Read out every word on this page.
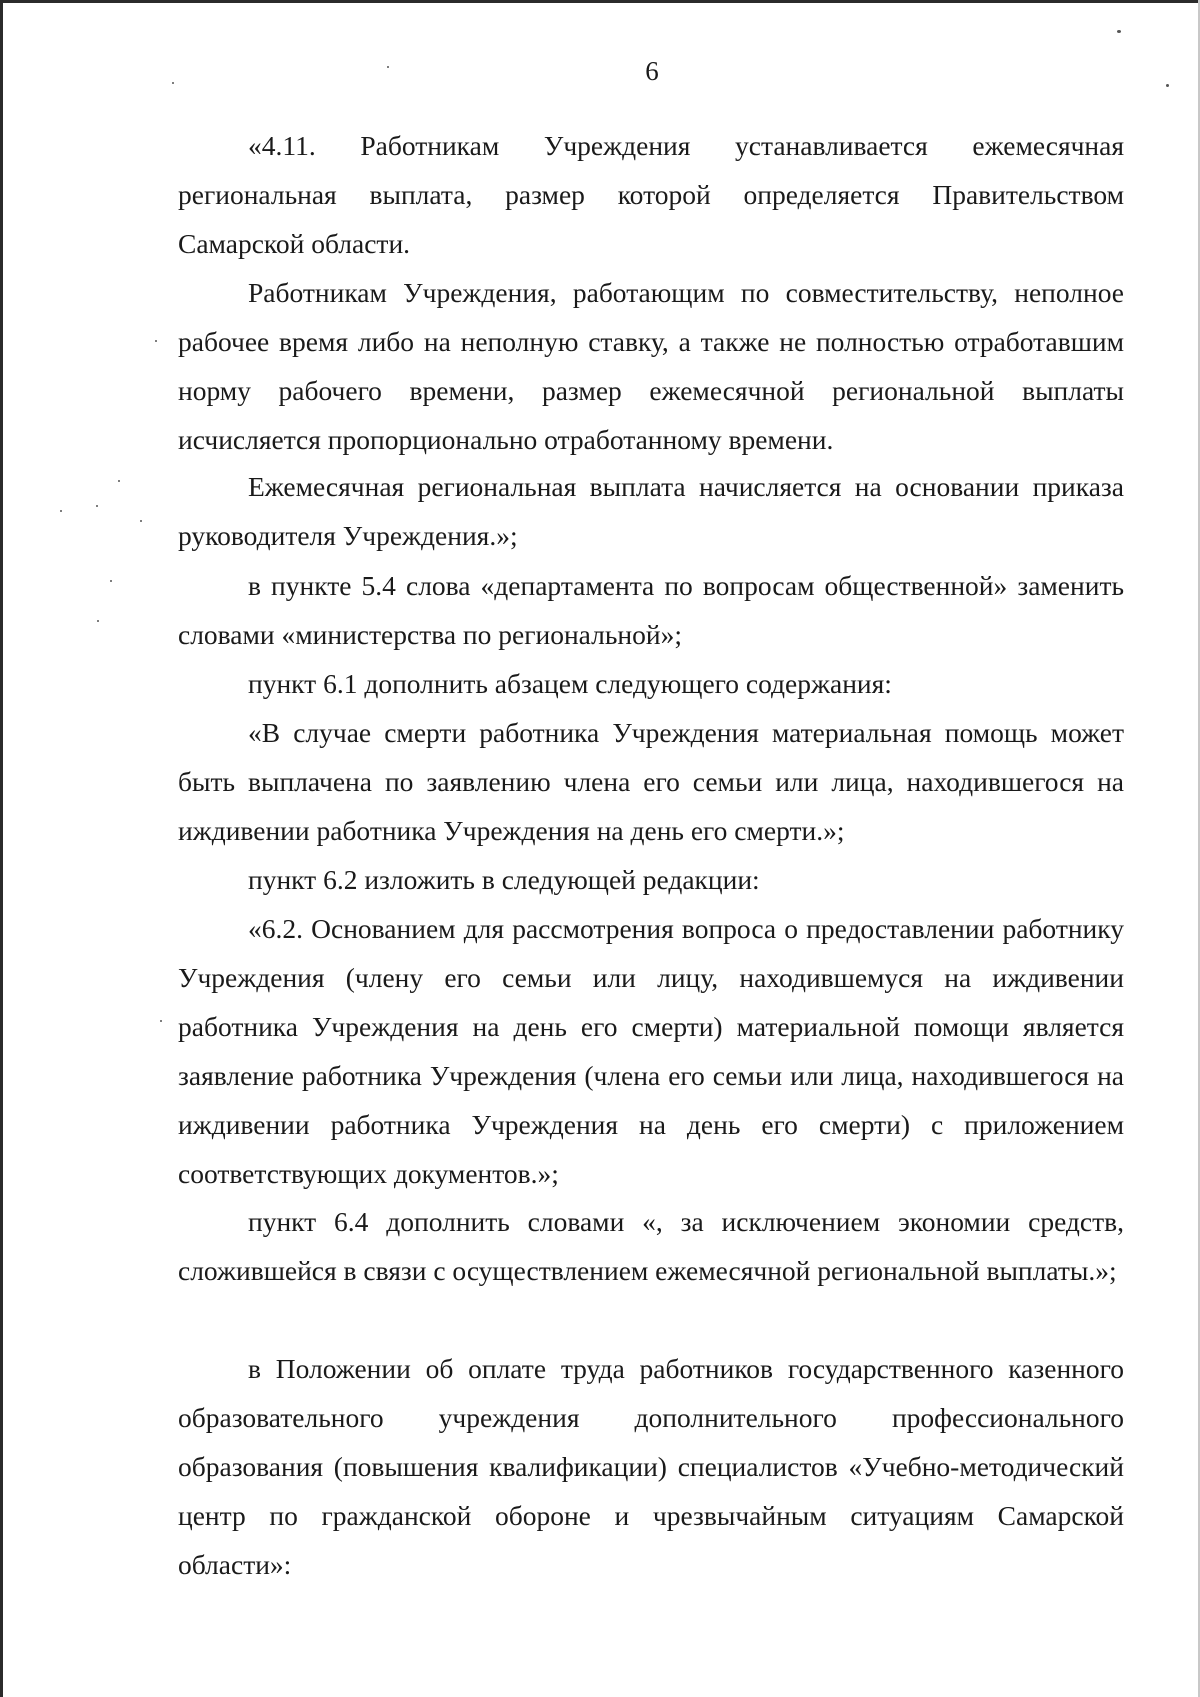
6

«4.11. Работникам Учреждения устанавливается ежемесячная региональная выплата, размер которой определяется Правительством Самарской области.

Работникам Учреждения, работающим по совместительству, неполное рабочее время либо на неполную ставку, а также не полностью отработавшим норму рабочего времени, размер ежемесячной региональной выплаты исчисляется пропорционально отработанному времени.

Ежемесячная региональная выплата начисляется на основании приказа руководителя Учреждения.»;

в пункте 5.4 слова «департамента по вопросам общественной» заменить словами «министерства по региональной»;

пункт 6.1 дополнить абзацем следующего содержания:

«В случае смерти работника Учреждения материальная помощь может быть выплачена по заявлению члена его семьи или лица, находившегося на иждивении работника Учреждения на день его смерти.»;

пункт 6.2 изложить в следующей редакции:

«6.2. Основанием для рассмотрения вопроса о предоставлении работнику Учреждения (члену его семьи или лицу, находившемуся на иждивении работника Учреждения на день его смерти) материальной помощи является заявление работника Учреждения (члена его семьи или лица, находившегося на иждивении работника Учреждения на день его смерти) с приложением соответствующих документов.»;

пункт 6.4 дополнить словами «, за исключением экономии средств, сложившейся в связи с осуществлением ежемесячной региональной выплаты.»;

в Положении об оплате труда работников государственного казенного образовательного учреждения дополнительного профессионального образования (повышения квалификации) специалистов «Учебно-методический центр по гражданской обороне и чрезвычайным ситуациям Самарской области»:
